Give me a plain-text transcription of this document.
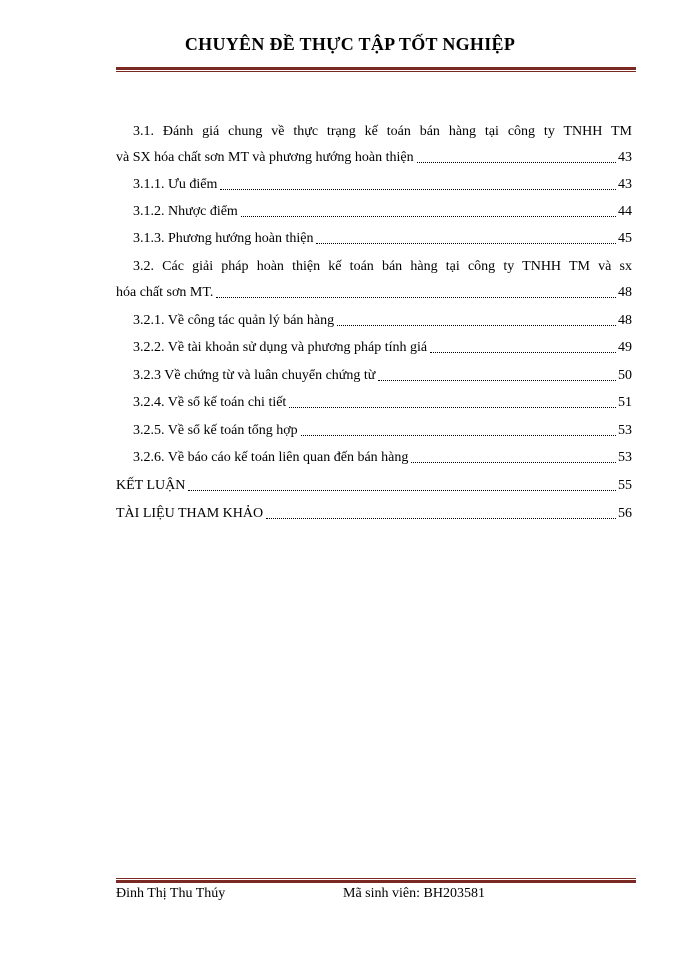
CHUYÊN ĐỀ THỰC TẬP TỐT NGHIỆP
3.1. Đánh giá chung về thực trạng kế toán bán hàng tại công ty TNHH TM
và SX hóa chất sơn MT và phương hướng hoàn thiện	43
3.1.1. Ưu điểm	43
3.1.2. Nhược điểm	44
3.1.3. Phương hướng hoàn thiện	45
3.2. Các giải pháp hoàn thiện kế toán bán hàng tại công ty TNHH TM và sx
hóa chất sơn MT.	48
3.2.1. Về công tác quản lý bán hàng	48
3.2.2. Về tài khoản sử dụng và phương pháp tính giá	49
3.2.3 Về chứng từ và luân chuyển chứng từ	50
3.2.4. Về sổ kế toán chi tiết	51
3.2.5. Về sổ kế toán tổng hợp	53
3.2.6. Về báo cáo kế toán liên quan đến bán hàng	53
KẾT LUẬN	55
TÀI LIỆU THAM KHẢO	56
Đinh Thị Thu Thúy	Mã sinh viên: BH203581
